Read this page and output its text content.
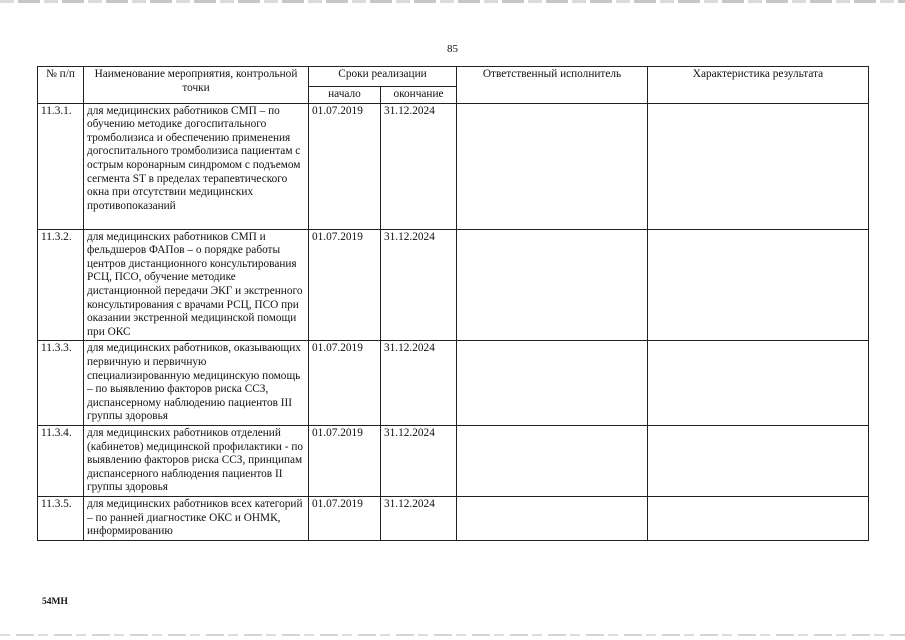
85
№ п/п	Наименование мероприятия, контрольной точки	Сроки реализации		Ответственный исполнитель	Характеристика результата
		начало	окончание		
11.3.1.	для медицинских работников СМП – по обучению методике догоспитального тромболизиса и обеспечению применения догоспитального тромболизиса пациентам с острым коронарным синдромом с подъемом сегмента ST в пределах терапевтического окна при отсутствии медицинских противопоказаний	01.07.2019	31.12.2024		
11.3.2.	для медицинских работников СМП и фельдшеров ФАПов – о порядке работы центров дистанционного консультирования РСЦ, ПСО, обучение методике дистанционной передачи ЭКГ и экстренного консультирования с врачами РСЦ, ПСО при оказании экстренной медицинской помощи при ОКС	01.07.2019	31.12.2024		
11.3.3.	для медицинских работников, оказывающих первичную и первичную специализированную медицинскую помощь – по выявлению факторов риска ССЗ, диспансерному наблюдению пациентов III группы здоровья	01.07.2019	31.12.2024		
11.3.4.	для медицинских работников отделений (кабинетов) медицинской профилактики - по выявлению факторов риска ССЗ, принципам диспансерного наблюдения пациентов II группы здоровья	01.07.2019	31.12.2024		
11.3.5.	для медицинских работников всех категорий – по ранней диагностике ОКС и ОНМК, информированию	01.07.2019	31.12.2024		
54МН
